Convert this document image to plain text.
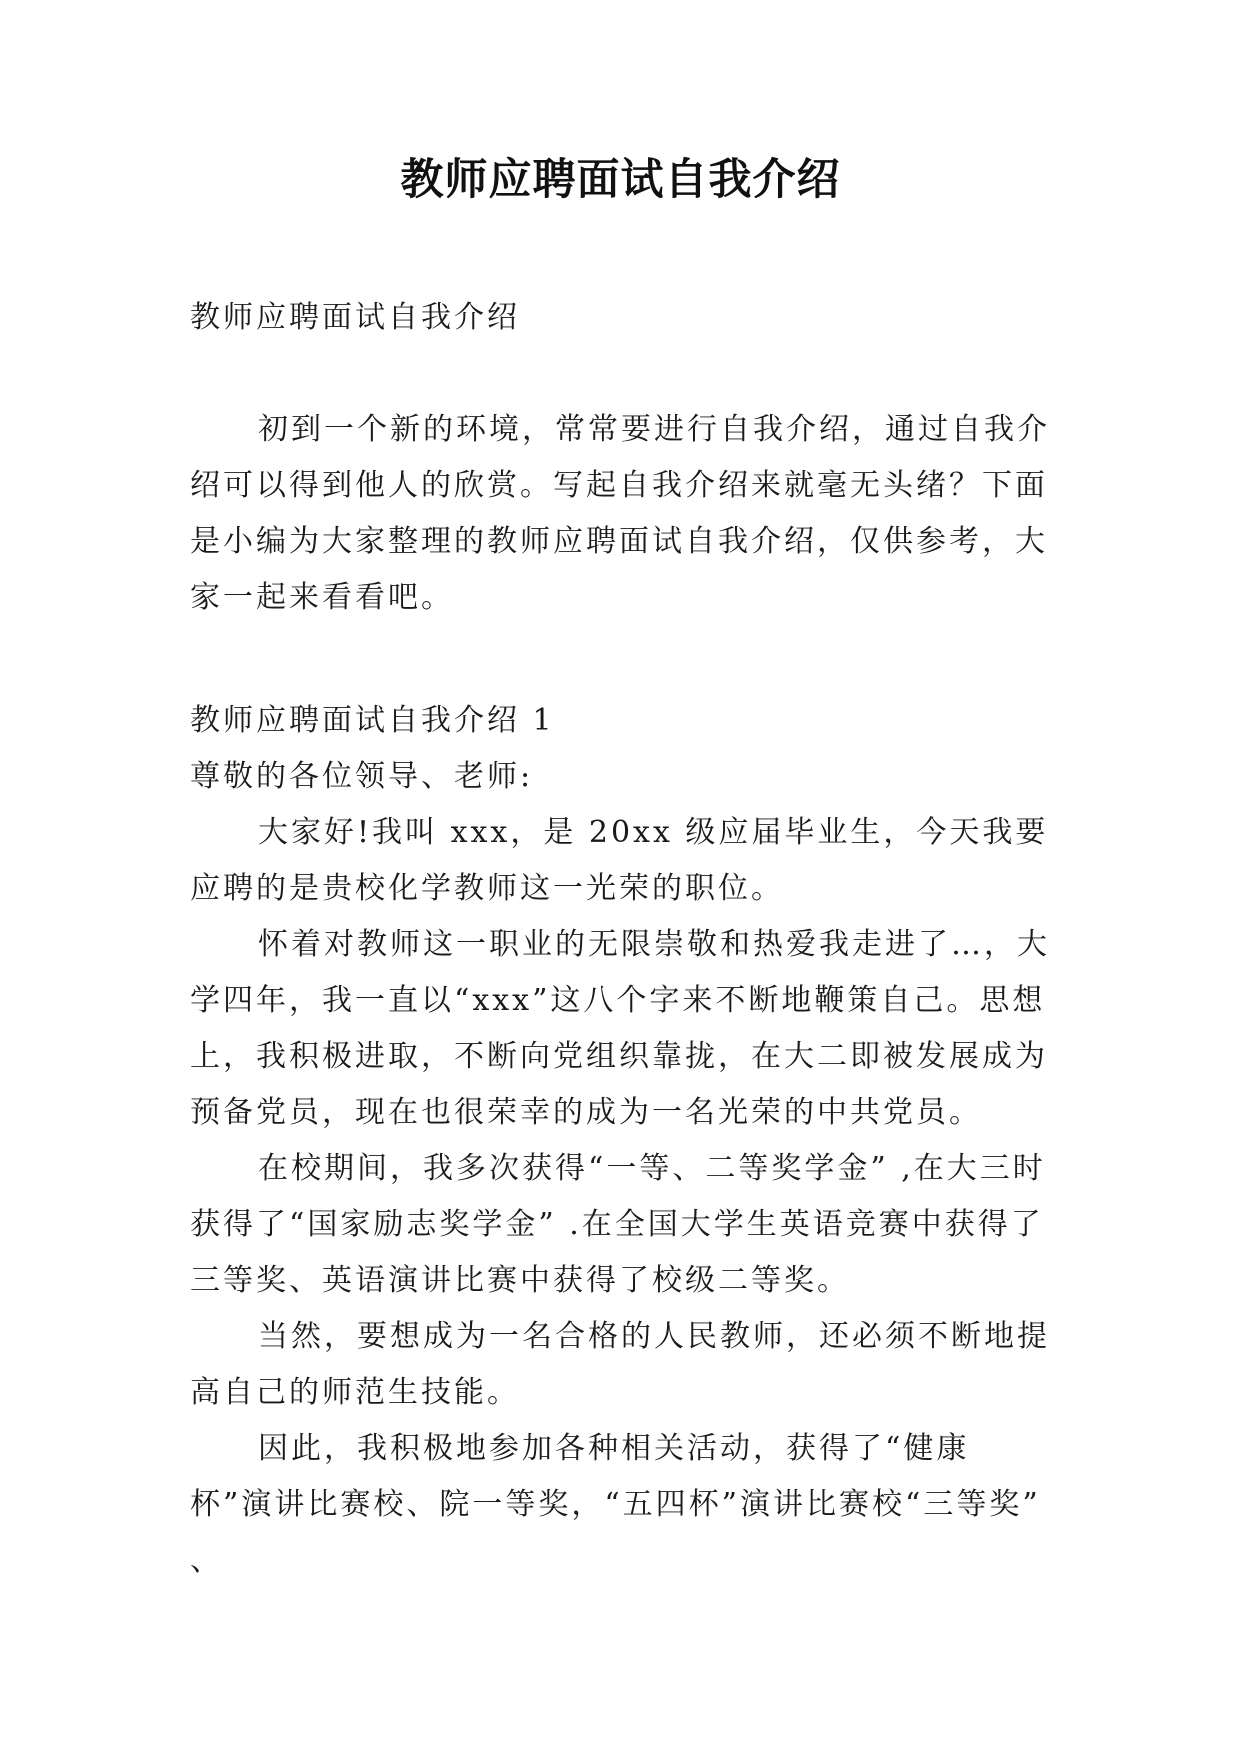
教师应聘面试自我介绍

教师应聘面试自我介绍

初到一个新的环境，常常要进行自我介绍，通过自我介绍可以得到他人的欣赏。写起自我介绍来就毫无头绪？下面是小编为大家整理的教师应聘面试自我介绍，仅供参考，大家一起来看看吧。

教师应聘面试自我介绍 1

尊敬的各位领导、老师:

大家好!我叫 xxx，是 20xx 级应届毕业生，今天我要应聘的是贵校化学教师这一光荣的职位。

怀着对教师这一职业的无限崇敬和热爱我走进了…，大学四年，我一直以“xxx”这八个字来不断地鞭策自己。思想上，我积极进取，不断向党组织靠拢，在大二即被发展成为预备党员，现在也很荣幸的成为一名光荣的中共党员。

在校期间，我多次获得“一等、二等奖学金” ,在大三时获得了“国家励志奖学金” .在全国大学生英语竞赛中获得了三等奖、英语演讲比赛中获得了校级二等奖。

当然，要想成为一名合格的人民教师，还必须不断地提高自己的师范生技能。

因此，我积极地参加各种相关活动，获得了“健康杯”演讲比赛校、院一等奖，“五四杯”演讲比赛校“三等奖” 、
